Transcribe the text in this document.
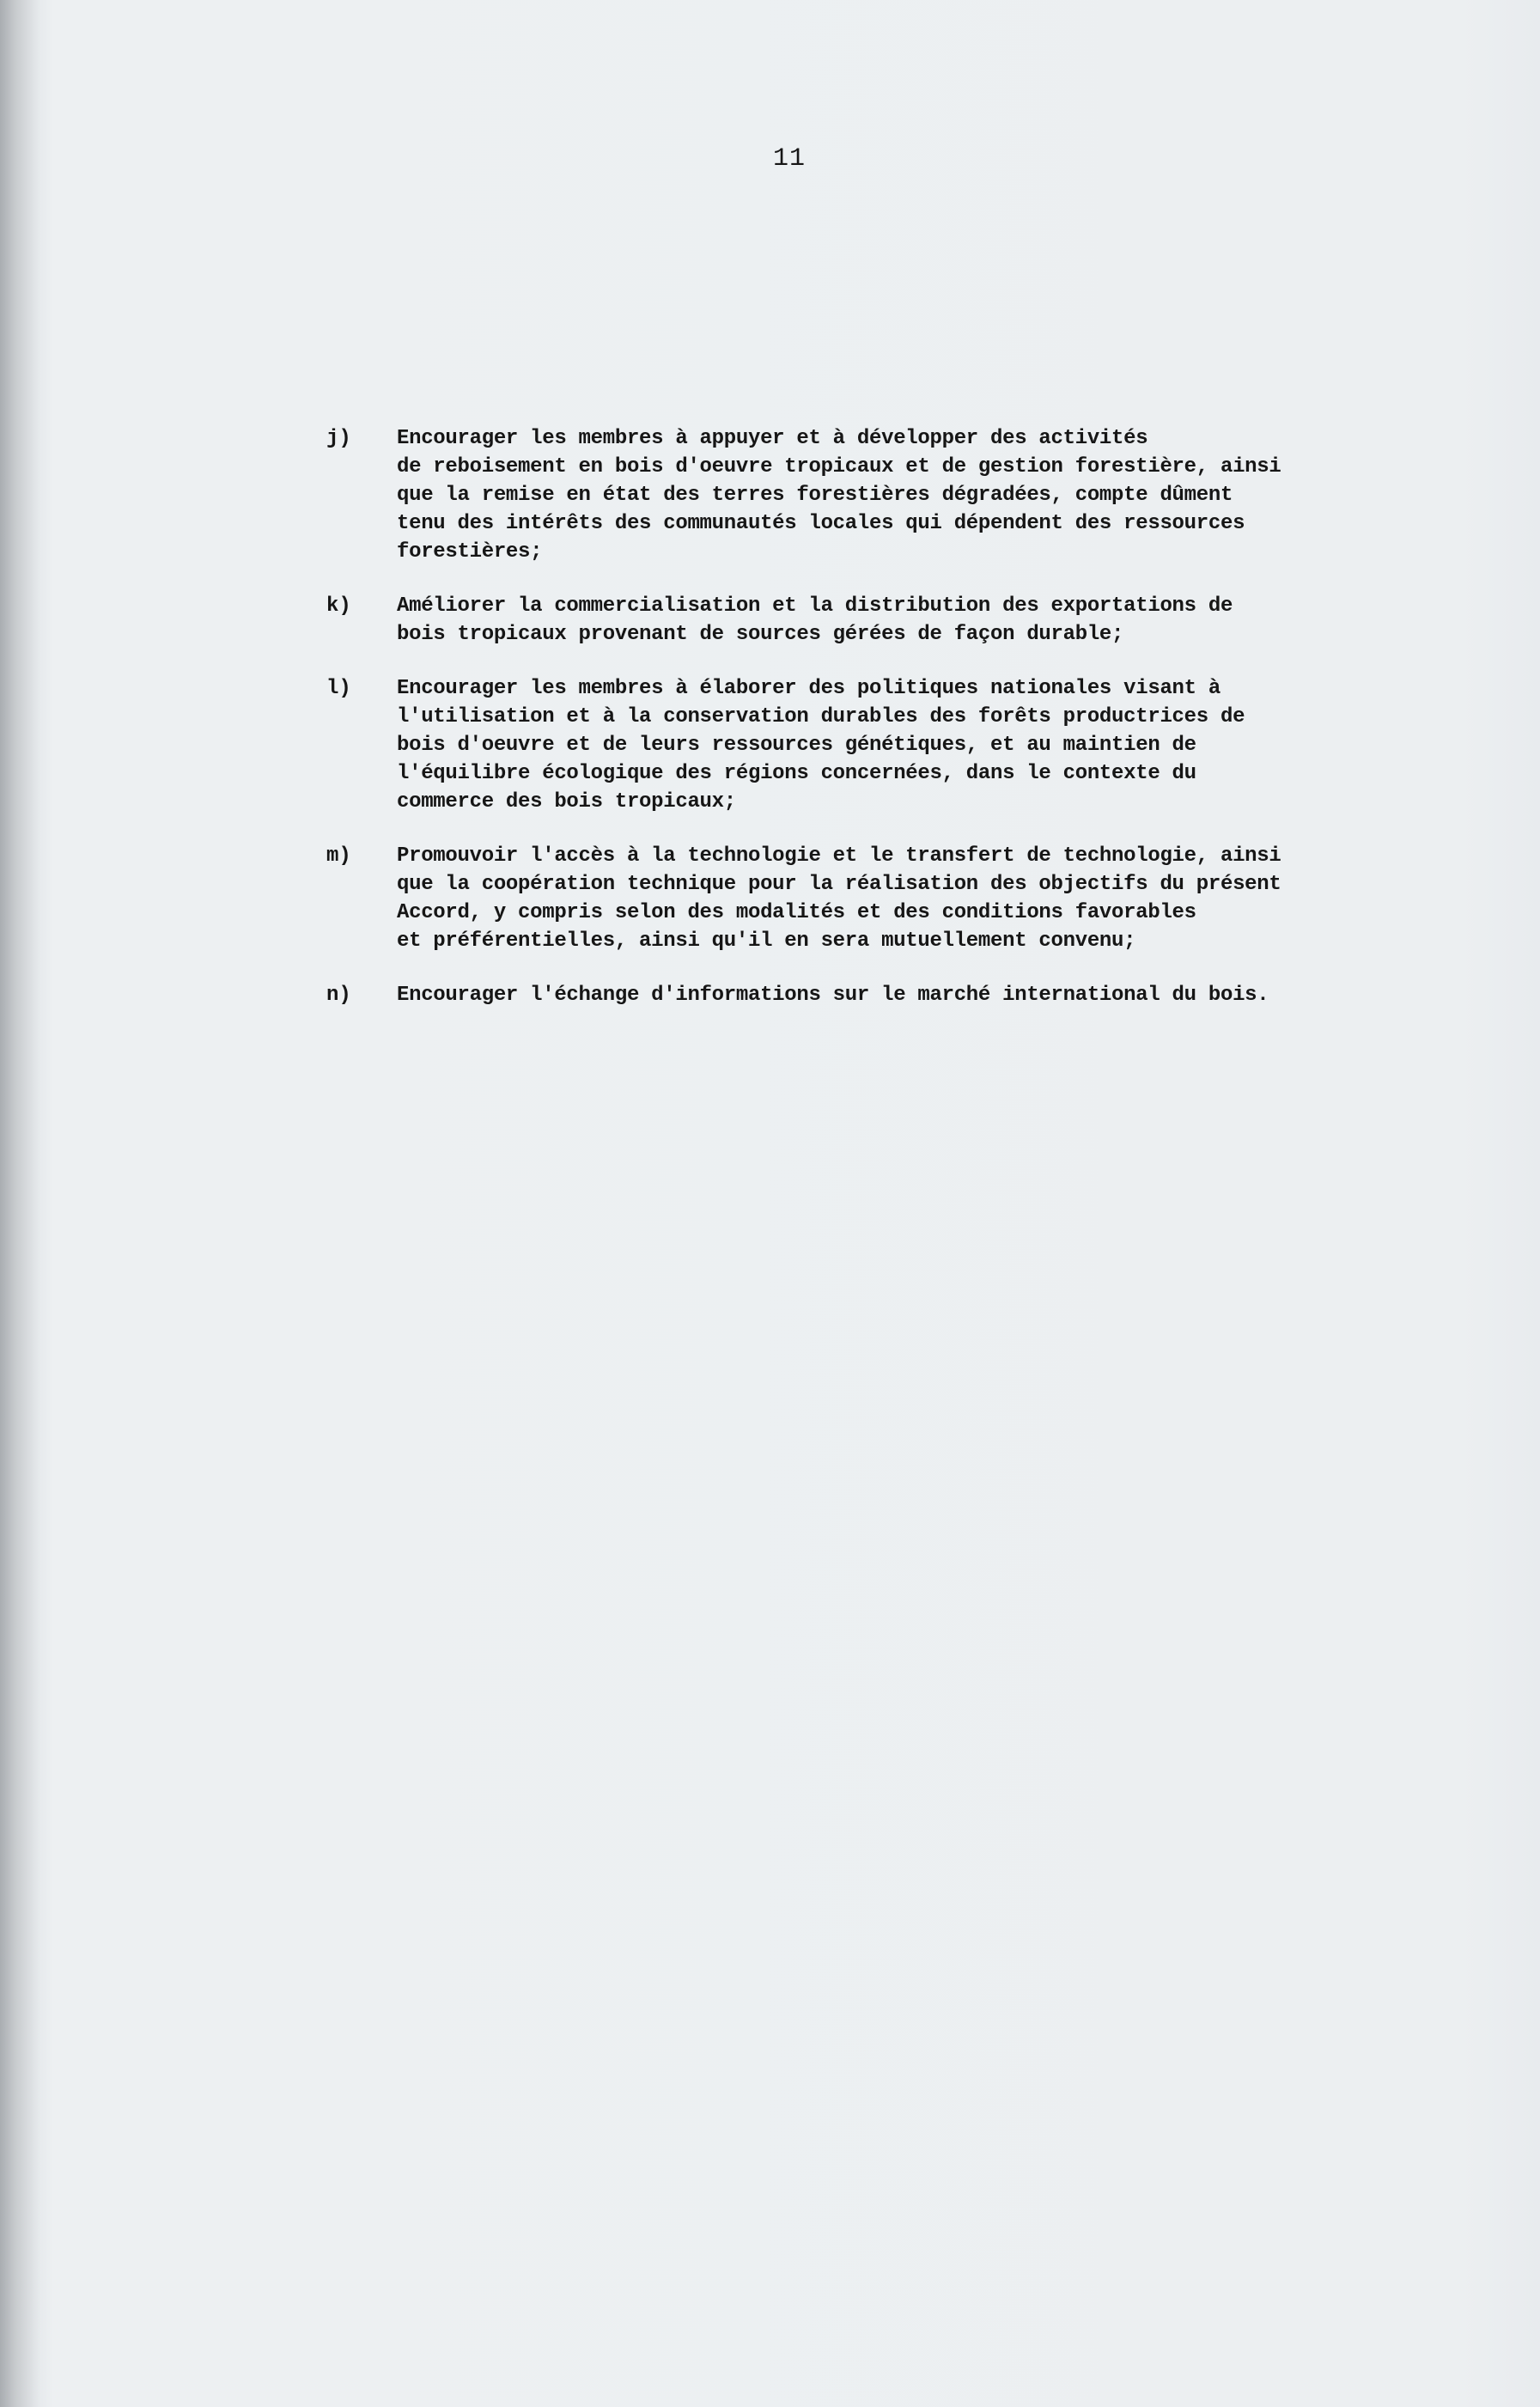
11
j)	Encourager les membres à appuyer et à développer des activités
de reboisement en bois d'oeuvre tropicaux et de gestion forestière, ainsi
que la remise en état des terres forestières dégradées, compte dûment
tenu des intérêts des communautés locales qui dépendent des ressources
forestières;
k)	Améliorer la commercialisation et la distribution des exportations de
bois tropicaux provenant de sources gérées de façon durable;
l)	Encourager les membres à élaborer des politiques nationales visant à
l'utilisation et à la conservation durables des forêts productrices de
bois d'oeuvre et de leurs ressources génétiques, et au maintien de
l'équilibre écologique des régions concernées, dans le contexte du
commerce des bois tropicaux;
m)	Promouvoir l'accès à la technologie et le transfert de technologie, ainsi
que la coopération technique pour la réalisation des objectifs du présent
Accord, y compris selon des modalités et des conditions favorables
et préférentielles, ainsi qu'il en sera mutuellement convenu;
n)	Encourager l'échange d'informations sur le marché international du bois.
